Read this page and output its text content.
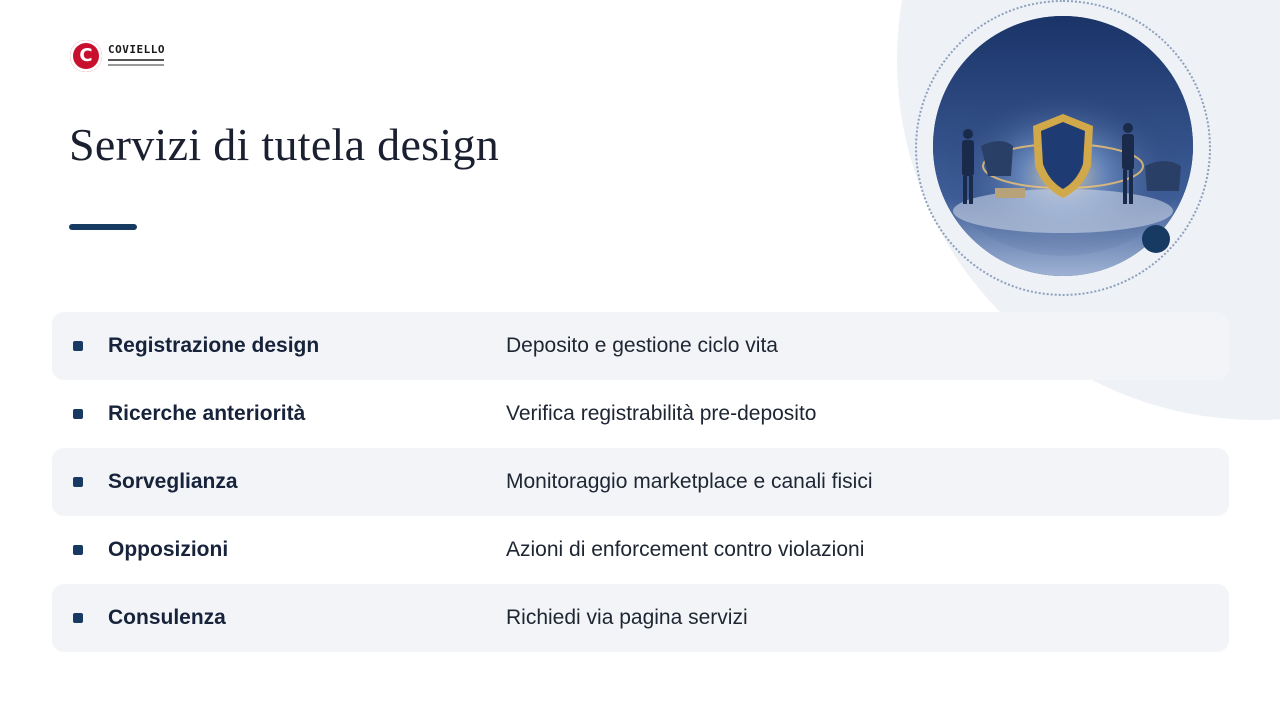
C
COVIELLO
Servizi di tutela design
Registrazione design	Deposito e gestione ciclo vita
Ricerche anteriorità	Verifica registrabilità pre-deposito
Sorveglianza	Monitoraggio marketplace e canali fisici
Opposizioni	Azioni di enforcement contro violazioni
Consulenza	Richiedi via pagina servizi
